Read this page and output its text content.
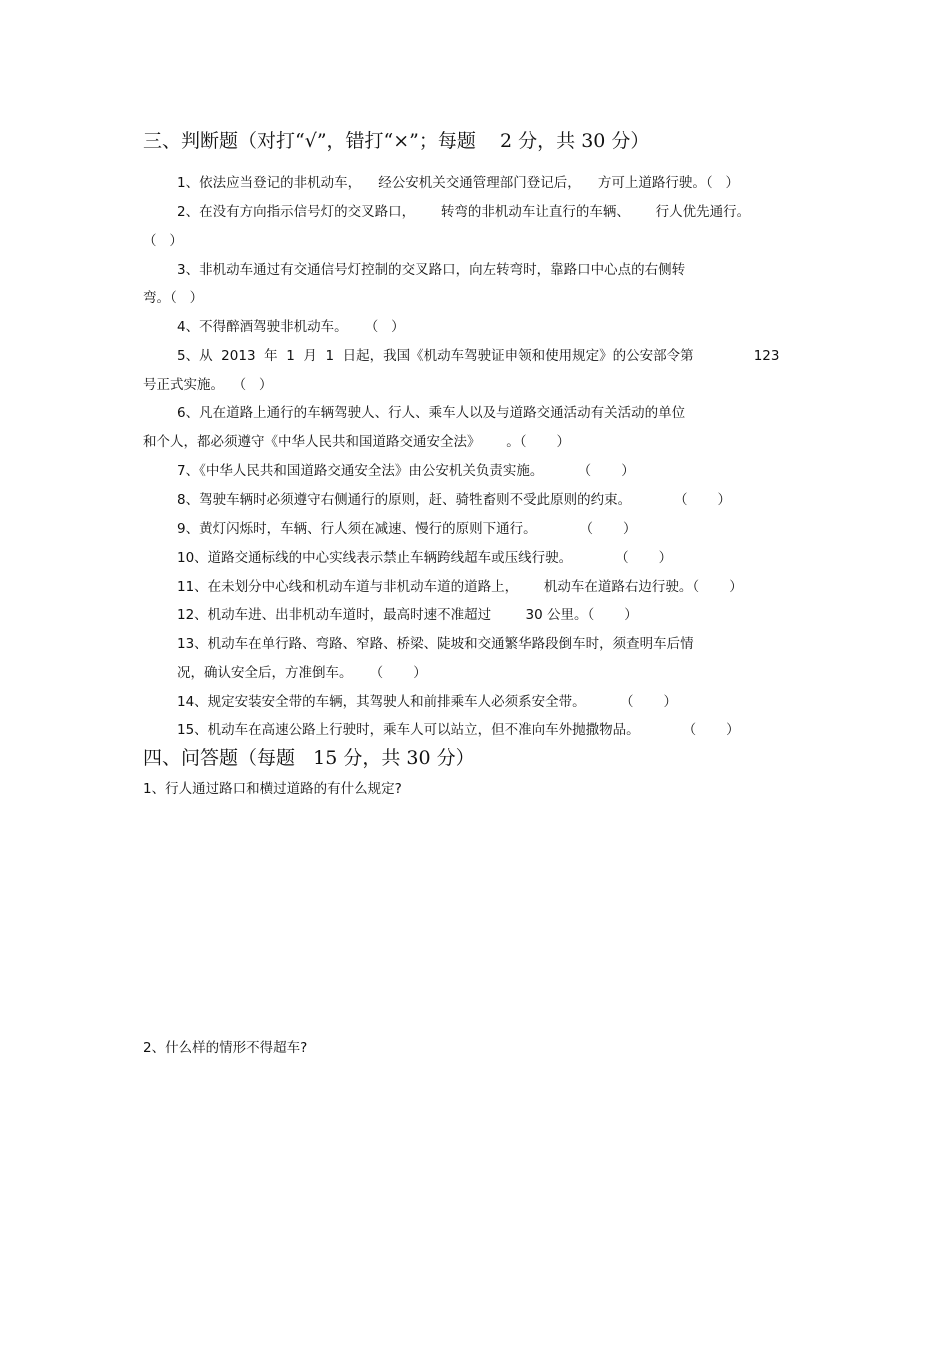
三、判断题（对打“√”，错打“×”；每题    2 分，共 30 分）
1、依法应当登记的非机动车，    经公安机关交通管理部门登记后，    方可上道路行驶。（   ）
2、在没有方向指示信号灯的交叉路口，      转弯的非机动车让直行的车辆、      行人优先通行。
（   ）
3、非机动车通过有交通信号灯控制的交叉路口，向左转弯时，靠路口中心点的右侧转
弯。（   ）
4、不得醉酒驾驶非机动车。    （   ）
5、从  2013  年  1  月  1  日起，我国《机动车驾驶证申领和使用规定》的公安部令第              123
号正式实施。  （   ）
6、凡在道路上通行的车辆驾驶人、行人、乘车人以及与道路交通活动有关活动的单位
和个人，都必须遵守《中华人民共和国道路交通安全法》      。（       ）
7、《中华人民共和国道路交通安全法》由公安机关负责实施。        （       ）
8、驾驶车辆时必须遵守右侧通行的原则，赶、骑牲畜则不受此原则的约束。          （       ）
9、黄灯闪烁时，车辆、行人须在减速、慢行的原则下通行。          （       ）
10、道路交通标线的中心实线表示禁止车辆跨线超车或压线行驶。          （       ）
11、在未划分中心线和机动车道与非机动车道的道路上，      机动车在道路右边行驶。（       ）
12、机动车进、出非机动车道时，最高时速不准超过        30 公里。（       ）
13、机动车在单行路、弯路、窄路、桥梁、陡坡和交通繁华路段倒车时，须查明车后情
况，确认安全后，方准倒车。    （       ）
14、规定安装安全带的车辆，其驾驶人和前排乘车人必须系安全带。        （       ）
15、机动车在高速公路上行驶时，乘车人可以站立，但不准向车外抛撒物品。          （       ）
四、问答题（每题   15 分，共 30 分）
1、行人通过路口和横过道路的有什么规定?
2、什么样的情形不得超车?
